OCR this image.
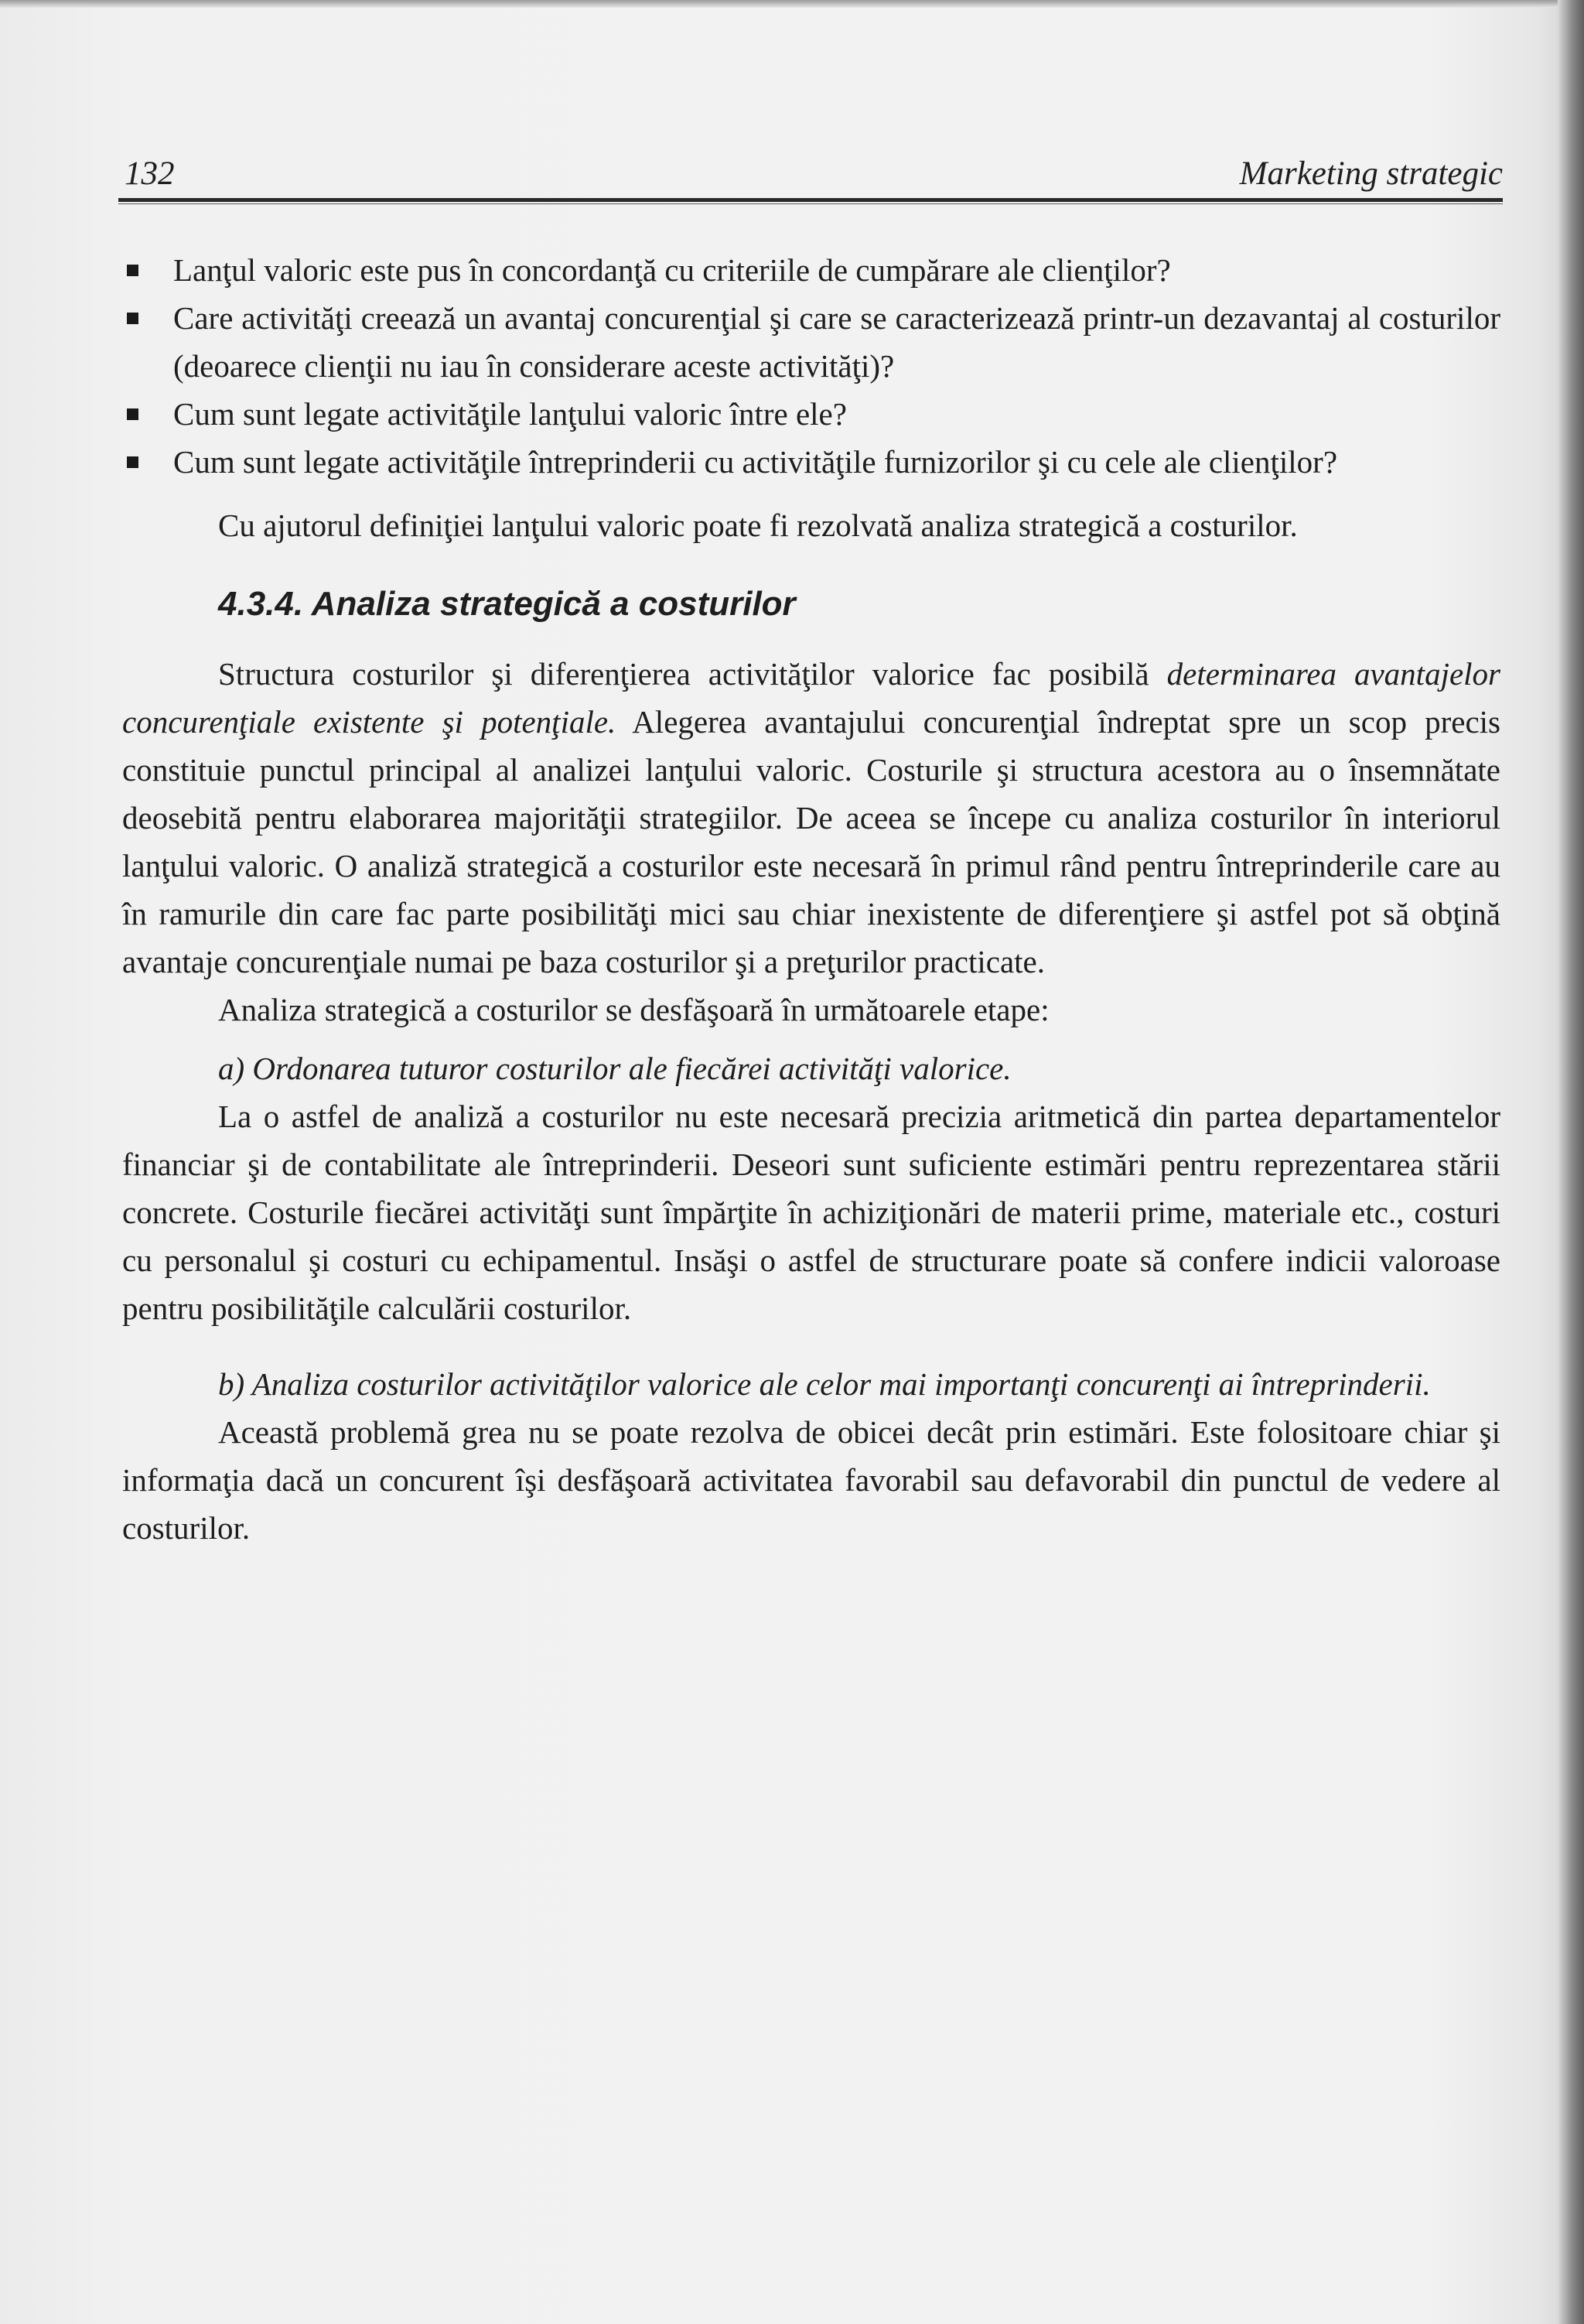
132	Marketing strategic
Lanţul valoric este pus în concordanţă cu criteriile de cumpărare ale clienţilor?
Care activităţi creează un avantaj concurenţial şi care se caracterizează printr-un dezavantaj al costurilor (deoarece clienţii nu iau în considerare aceste activităţi)?
Cum sunt legate activităţile lanţului valoric între ele?
Cum sunt legate activităţile întreprinderii cu activităţile furnizorilor şi cu cele ale clienţilor?

Cu ajutorul definiţiei lanţului valoric poate fi rezolvată analiza strategică a costurilor.

4.3.4. Analiza strategică a costurilor

Structura costurilor şi diferenţierea activităţilor valorice fac posibilă determinarea avantajelor concurenţiale existente şi potenţiale. Alegerea avantajului concurenţial îndreptat spre un scop precis constituie punctul principal al analizei lanţului valoric. Costurile şi structura acestora au o însemnătate deosebită pentru elaborarea majorităţii strategiilor. De aceea se începe cu analiza costurilor în interiorul lanţului valoric. O analiză strategică a costurilor este necesară în primul rând pentru întreprinderile care au în ramurile din care fac parte posibilităţi mici sau chiar inexistente de diferenţiere şi astfel pot să obţină avantaje concurenţiale numai pe baza costurilor şi a preţurilor practicate.

Analiza strategică a costurilor se desfăşoară în următoarele etape:

a) Ordonarea tuturor costurilor ale fiecărei activităţi valorice.

La o astfel de analiză a costurilor nu este necesară precizia aritmetică din partea departamentelor financiar şi de contabilitate ale întreprinderii. Deseori sunt suficiente estimări pentru reprezentarea stării concrete. Costurile fiecărei activităţi sunt împărţite în achiziţionări de materii prime, materiale etc., costuri cu personalul şi costuri cu echipamentul. Insăşi o astfel de structurare poate să confere indicii valoroase pentru posibilităţile calculării costurilor.

b) Analiza costurilor activităţilor valorice ale celor mai importanţi concurenţi ai întreprinderii.

Această problemă grea nu se poate rezolva de obicei decât prin estimări. Este folositoare chiar şi informaţia dacă un concurent îşi desfăşoară activitatea favorabil sau defavorabil din punctul de vedere al costurilor.
